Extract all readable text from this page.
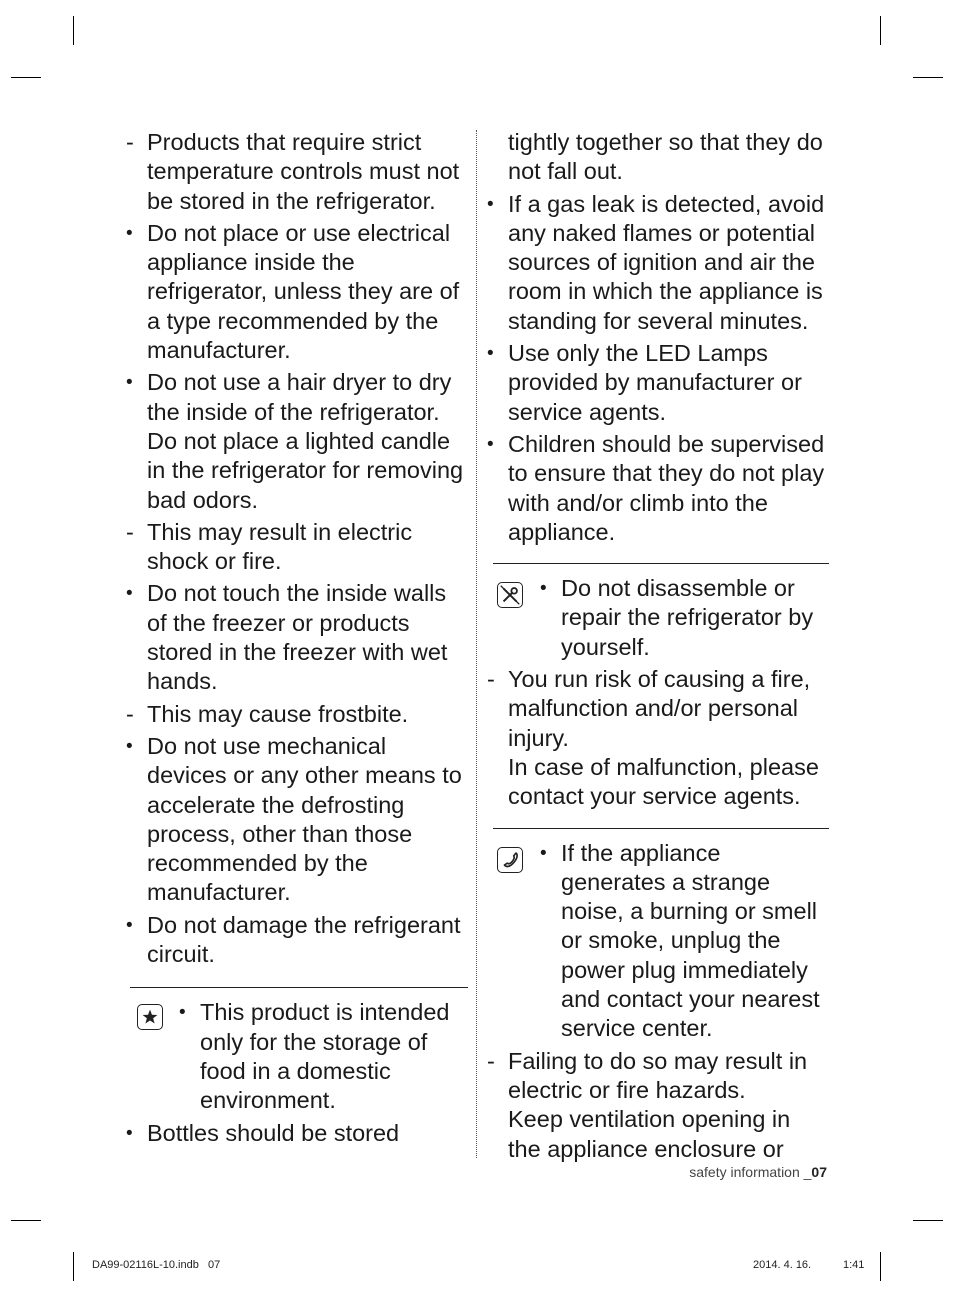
- Products that require strict temperature controls must not be stored in the refrigerator.
• Do not place or use electrical appliance inside the refrigerator, unless they are of a type recommended by the manufacturer.
• Do not use a hair dryer to dry the inside of the refrigerator. Do not place a lighted candle in the refrigerator for removing bad odors.
- This may result in electric shock or fire.
• Do not touch the inside walls of the freezer or products stored in the freezer with wet hands.
- This may cause frostbite.
• Do not use mechanical devices or any other means to accelerate the defrosting process, other than those recommended by the manufacturer.
• Do not damage the refrigerant circuit.
• This product is intended only for the storage of food in a domestic environment.
• Bottles should be stored
tightly together so that they do not fall out.
• If a gas leak is detected, avoid any naked flames or potential sources of ignition and air the room in which the appliance is standing for several minutes.
• Use only the LED Lamps provided by manufacturer or service agents.
• Children should be supervised to ensure that they do not play with and/or climb into the appliance.
• Do not disassemble or repair the refrigerator by yourself.
- You run risk of causing a fire, malfunction and/or personal injury.
In case of malfunction, please contact your service agents.
• If the appliance generates a strange noise, a burning or smell or smoke, unplug the power plug immediately and contact your nearest service center.
- Failing to do so may result in electric or fire hazards.
Keep ventilation opening in the appliance enclosure or
safety information _07
DA99-02116L-10.indb   07	2014. 4. 16.	1:41
